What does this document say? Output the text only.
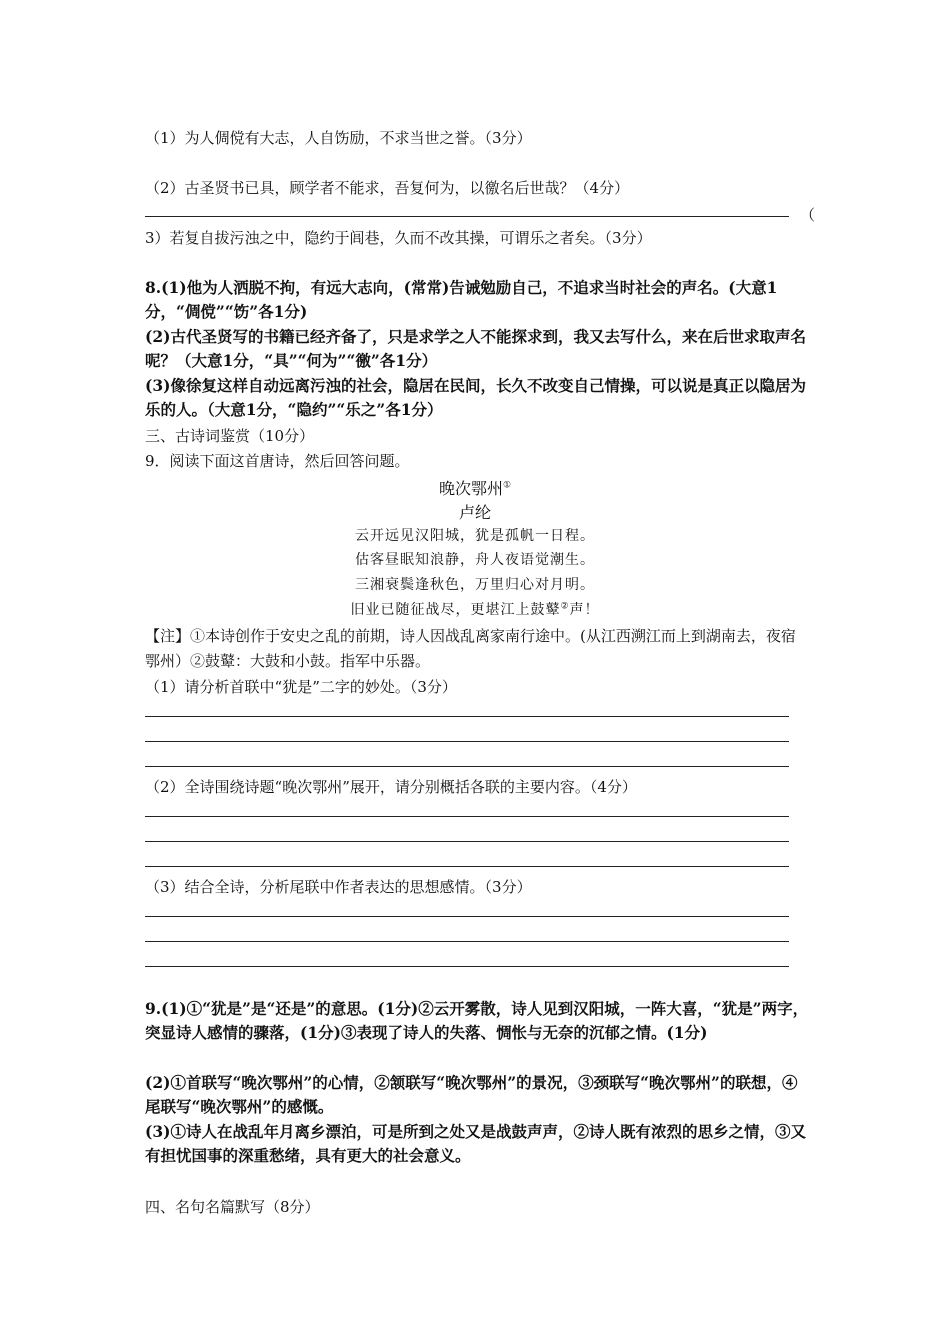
（1）为人倜傥有大志，人自饬励，不求当世之誉。（3分）
（2）古圣贤书已具，顾学者不能求，吾复何为，以徼名后世哉？（4分）
（
3）若复自拔污浊之中，隐约于闾巷，久而不改其操，可谓乐之者矣。（3分）
8.(1)他为人洒脱不拘，有远大志向，(常常)告诫勉励自己，不追求当时社会的声名。(大意1分，“倜傥”“饬”各1分)
(2)古代圣贤写的书籍已经齐备了，只是求学之人不能探求到，我又去写什么，来在后世求取声名呢？（大意1分，“具”“何为”“徼”各1分）
(3)像徐复这样自动远离污浊的社会，隐居在民间，长久不改变自己情操，可以说是真正以隐居为乐的人。（大意1分，“隐约”“乐之”各1分）
三、古诗词鉴赏（10分）
9．阅读下面这首唐诗，然后回答问题。
晚次鄂州①
卢纶
云开远见汉阳城，犹是孤帆一日程。
估客昼眠知浪静，舟人夜语觉潮生。
三湘衰鬓逢秋色，万里归心对月明。
旧业已随征战尽，更堪江上鼓鼙②声！
【注】①本诗创作于安史之乱的前期，诗人因战乱离家南行途中。(从江西溯江而上到湖南去，夜宿鄂州）②鼓鼙：大鼓和小鼓。指军中乐器。
（1）请分析首联中“犹是”二字的妙处。（3分）
（2）全诗围绕诗题“晚次鄂州”展开，请分别概括各联的主要内容。（4分）
（3）结合全诗，分析尾联中作者表达的思想感情。（3分）
9.(1)①“犹是”是“还是”的意思。(1分)②云开雾散，诗人见到汉阳城，一阵大喜，“犹是”两字，突显诗人感情的骤落，(1分)③表现了诗人的失落、惆怅与无奈的沉郁之情。(1分)
(2)①首联写“晚次鄂州”的心情，②颔联写“晚次鄂州”的景况，③颈联写“晚次鄂州”的联想，④尾联写“晚次鄂州”的感慨。
(3)①诗人在战乱年月离乡漂泊，可是所到之处又是战鼓声声，②诗人既有浓烈的思乡之情，③又有担忧国事的深重愁绪，具有更大的社会意义。
四、名句名篇默写（8分）
